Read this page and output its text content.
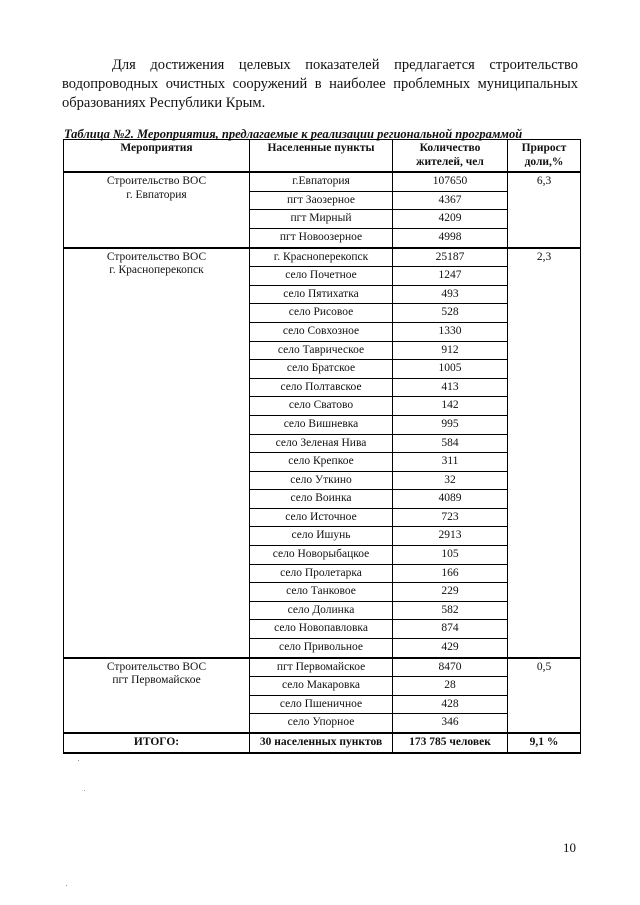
Для достижения целевых показателей предлагается строительство
водопроводных очистных сооружений в наиболее проблемных муниципальных
образованиях Республики Крым.
Таблица №2. Мероприятия, предлагаемые к реализации региональной программой
Мероприятия	Населенные пункты	Количество жителей, чел	Прирост доли,%

Строительство ВОС
г. Евпатория	г.Евпатория	107650	6,3
	пгт Заозерное	4367	
	пгт Мирный	4209	
	пгт Новоозерное	4998	

Строительство ВОС
г. Красноперекопск	г. Красноперекопск	25187	2,3
	село Почетное	1247	
	село Пятихатка	493	
	село Рисовое	528	
	село Совхозное	1330	
	село Таврическое	912	
	село Братское	1005	
	село Полтавское	413	
	село Сватово	142	
	село Вишневка	995	
	село Зеленая Нива	584	
	село Крепкое	311	
	село Уткино	32	
	село Воинка	4089	
	село Источное	723	
	село Ишунь	2913	
	село Новорыбацкое	105	
	село Пролетарка	166	
	село Танковое	229	
	село Долинка	582	
	село Новопавловка	874	
	село Привольное	429	

Строительство ВОС
пгт Первомайское	пгт Первомайское	8470	0,5
	село Макаровка	28	
	село Пшеничное	428	
	село Упорное	346	
ИТОГО:	30 населенных пунктов	173 785 человек	9,1 %
10
